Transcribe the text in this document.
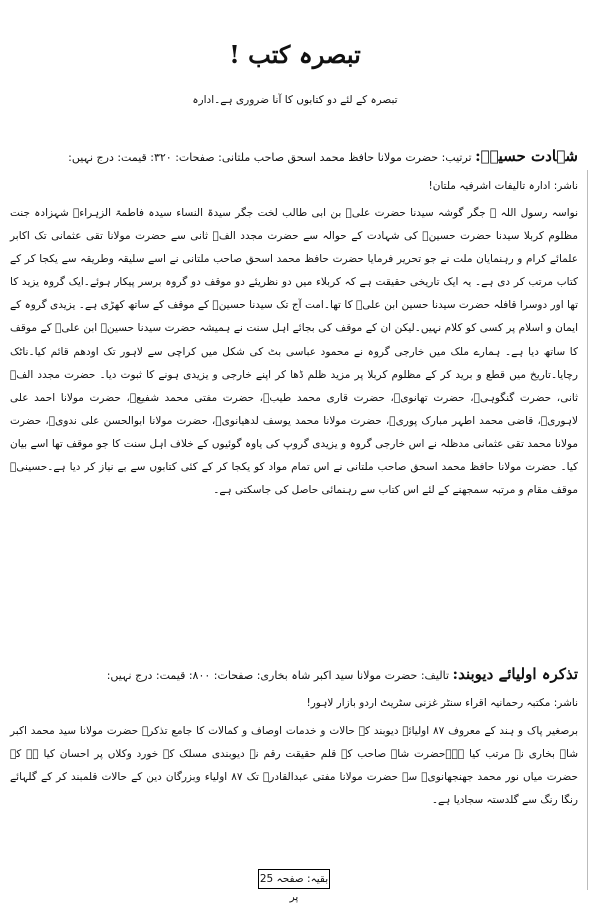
تبصرہ کتب !
تبصرہ کے لئے دو کتابوں کا آنا ضروری ہے۔ادارہ
شہادت حسینؓ: ترتیب: حضرت مولانا حافظ محمد اسحق صاحب ملتانی: صفحات: ۳۲۰: قیمت: درج نہیں:
ناشر: ادارہ تالیفات اشرفیہ ملتان!

نواسہ رسول اللہ ﷺ جگر گوشہ سیدنا حضرت علیؓ بن ابی طالب لخت جگر سیدۃ النساء سیدہ فاطمۃ الزہراءؓ شہزادہ جنت مظلوم کربلا سیدنا حضرت حسینؓ کی شہادت کے حوالہ سے حضرت مجدد الفؒ ثانی سے حضرت مولانا تقی عثمانی تک اکابر علمائے کرام و رہنمایان ملت نے جو تحریر فرمایا حضرت حافظ محمد اسحق صاحب ملتانی نے اسے سلیقہ وطریقہ سے یکجا کر کے کتاب مرتب کر دی ہے۔ یہ ایک تاریخی حقیقت ہے کہ کربلاء میں دو نظریئے دو موقف دو گروہ برسر پیکار ہوئے۔ایک گروہ یزید کا تھا اور دوسرا قافلہ حضرت سیدنا حسین ابن علیؓ کا تھا۔امت آج تک سیدنا حسینؓ کے موقف کے ساتھ کھڑی ہے۔ یزیدی گروہ کے ایمان و اسلام پر کسی کو کلام نہیں۔لیکن ان کے موقف کی بجائے اہل سنت نے ہمیشہ حضرت سیدنا حسینؓ ابن علیؓ کے موقف کا ساتھ دیا ہے۔ ہمارے ملک میں خارجی گروہ نے محمود عباسی بٹ کی شکل میں کراچی سے لاہور تک اودھم قائم کیا۔ناٹک رچایا۔تاریخ میں قطع و برید کر کے مظلوم کربلا پر مزید ظلم ڈھا کر اپنے خارجی و یزیدی ہونے کا ثبوت دیا۔ حضرت مجدد الفؒ ثانی، حضرت گنگوہیؒ، حضرت تھانویؒ، حضرت قاری محمد طیبؒ، حضرت مفتی محمد شفیعؒ، حضرت مولانا احمد علی لاہوریؒ، قاضی محمد اطہر مبارک پوریؒ، حضرت مولانا محمد یوسف لدھیانویؒ، حضرت مولانا ابوالحسن علی ندویؒ، حضرت مولانا محمد تقی عثمانی مدظلہ نے اس خارجی گروہ و یزیدی گروپ کی یاوہ گوئیوں کے خلاف اہل سنت کا جو موقف تھا اسے بیان کیا۔ حضرت مولانا حافظ محمد اسحق صاحب ملتانی نے اس تمام مواد کو یکجا کر کے کئی کتابوں سے بے نیاز کر دیا ہے۔حسینیؓ موقف مقام و مرتبہ سمجھنے کے لئے اس کتاب سے رہنمائی حاصل کی جاسکتی ہے۔

تذکرہ اولیائے دیوبند: تالیف: حضرت مولانا سید اکبر شاہ بخاری: صفحات: ۸۰۰: قیمت: درج نہیں:
ناشر: مکتبہ رحمانیہ اقراء سنٹر غزنی سٹریٹ اردو بازار لاہور!

برصغیر پاک و ہند کے معروف ۸۷ اولیائے دیوبند کے حالات و خدمات اوصاف و کمالات کا جامع تذکرہ حضرت مولانا سید محمد اکبر شاہ بخاری نے مرتب کیا ہے۔حضرت شاہ صاحب کے قلم حقیقت رقم نے دیوبندی مسلک کے خورد وکلاں پر احسان کیا ہے کہ حضرت میاں نور محمد جھنجھانویؒ سے حضرت مولانا مفتی عبدالقادرؒ تک ۸۷ اولیاء وبزرگان دین کے حالات قلمبند کر کے گلہائے رنگا رنگ سے گلدستہ سجادیا ہے۔

بقیہ: صفحہ 25 پر
